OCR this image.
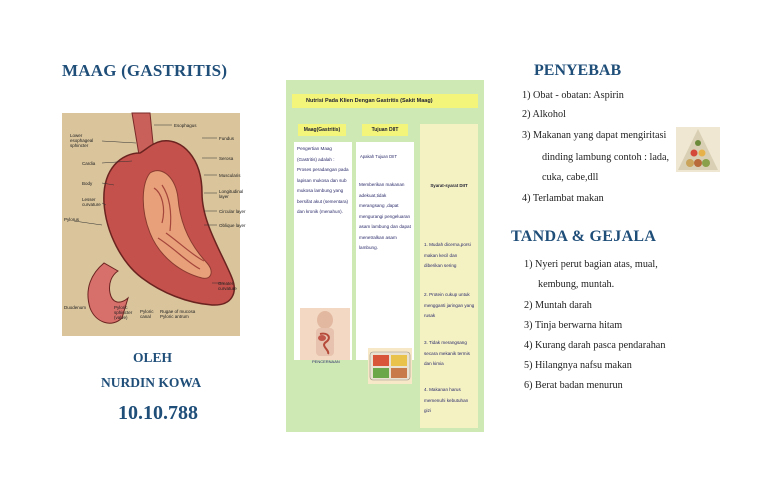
MAAG (GASTRITIS)
Esophagus
Lower
esophageal
sphincter
Cardia
Body
Lesser
curvature
Pylorus
Duodenum	Pyloric
sphincter
(valve)
Pyloric
canal
Rugae of mucosa
Pyloric antrum
Greater
curvature
Fundus
Serosa
Muscularis
Longitudinal
layer
Circular layer
Oblique layer
OLEH
NURDIN KOWA
10.10.788
Nutrisi Pada Klien Dengan Gastritis (Sakit Maag)
Maag(Gastritis)
Pengertian Maag (Gastritis) adalah : Proses peradangan pada lapisan mukosa dan sub mukosa lambung yang bersifat akut (sementara) dan kronik (menahun).
PENCERNAAN
Tujuan DIIT
Apakah Tujuan DIIT
Memberikan makanan adekuat,tidak merangsang ,dapat mengurangi pengeluaran asam lambung dan dapat menetralkan asam lambung.
Syarat-syarat DIIT
1. Mudah dicerna,porsi makan kecil dan diberikan sering
2. Protein cukup untuk mengganti jaringan yang rusak
3. Tidak merangsang secara mekanik termis dan kimia
4. Makanan harus memenuhi kebutuhan gizi
PENYEBAB
1) Obat - obatan: Aspirin
2) Alkohol
3) Makanan yang dapat mengiritasi
dinding lambung contoh : lada,
cuka, cabe,dll
4) Terlambat makan
TANDA & GEJALA
1) Nyeri perut bagian atas, mual,
kembung, muntah.
2) Muntah darah
3) Tinja berwarna hitam
4) Kurang darah pasca pendarahan
5) Hilangnya nafsu makan
6) Berat badan menurun
